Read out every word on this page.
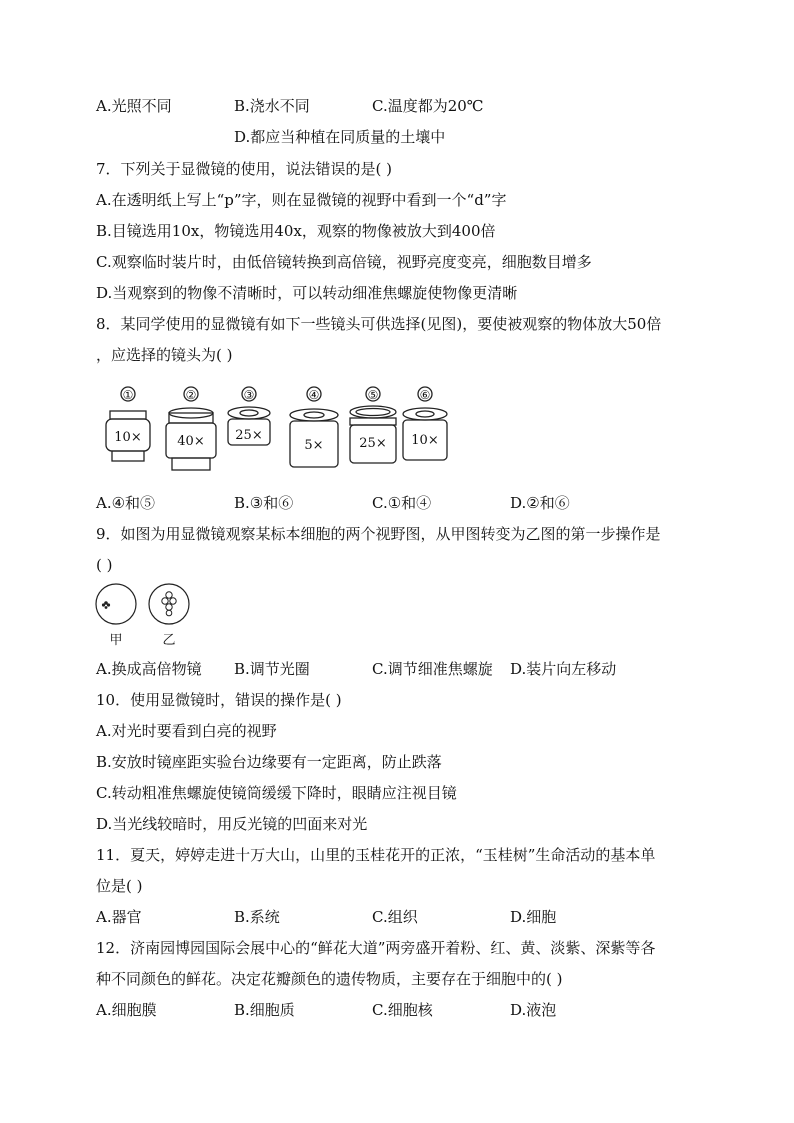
A.光照不同	B.浇水不同	C.温度都为20℃
D.都应当种植在同质量的土壤中
7．下列关于显微镜的使用，说法错误的是( )
A.在透明纸上写上“p”字，则在显微镜的视野中看到一个“d”字
B.目镜选用10x，物镜选用40x，观察的物像被放大到400倍
C.观察临时装片时，由低倍镜转换到高倍镜，视野亮度变亮，细胞数目增多
D.当观察到的物像不清晰时，可以转动细准焦螺旋使物像更清晰
8．某同学使用的显微镜有如下一些镜头可供选择(见图)，要使被观察的物体放大50倍
，应选择的镜头为( )
①	②	③	④	⑤	⑥
10×	40× 25×
5×	25× 10×
A.④和⑤	B.③和⑥	C.①和④	D.②和⑥
9．如图为用显微镜观察某标本细胞的两个视野图，从甲图转变为乙图的第一步操作是
( )
甲	乙
A.换成高倍物镜 B.调节光圈	C.调节细准焦螺旋 D.装片向左移动
10．使用显微镜时，错误的操作是( )
A.对光时要看到白亮的视野
B.安放时镜座距实验台边缘要有一定距离，防止跌落
C.转动粗准焦螺旋使镜筒缓缓下降时，眼睛应注视目镜
D.当光线较暗时，用反光镜的凹面来对光
11．夏天，婷婷走进十万大山，山里的玉桂花开的正浓，“玉桂树”生命活动的基本单
位是( )
A.器官	B.系统	C.组织	D.细胞
12．济南园博园国际会展中心的“鲜花大道”两旁盛开着粉、红、黄、淡紫、深紫等各
种不同颜色的鲜花。决定花瓣颜色的遗传物质，主要存在于细胞中的( )
A.细胞膜	B.细胞质	C.细胞核	D.液泡
